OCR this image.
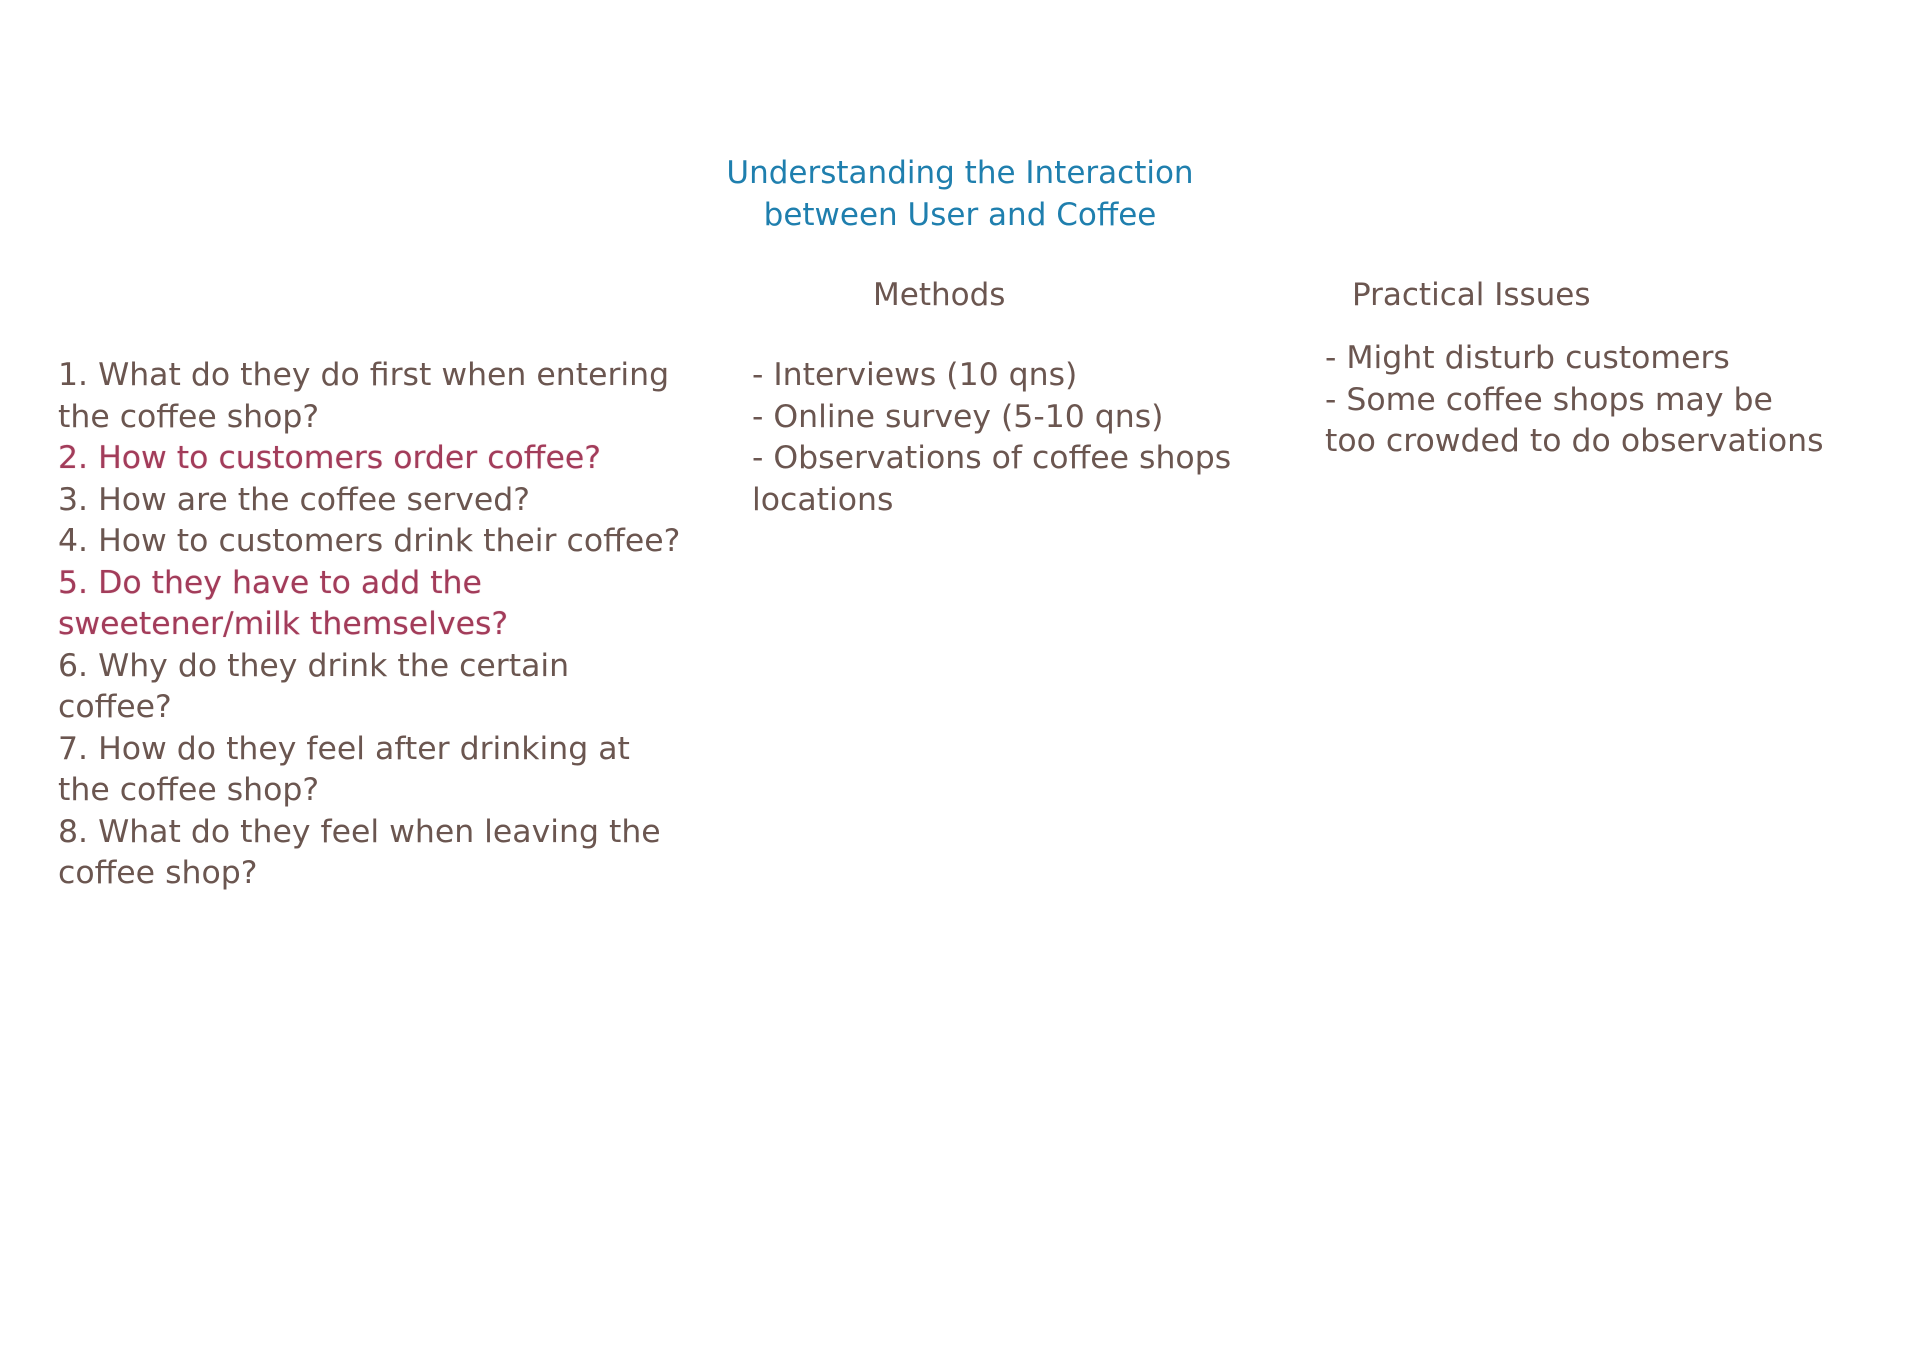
Understanding the Interaction
between User and Coffee
Methods	Practical Issues
1. What do they do first when entering
the coffee shop?
2. How to customers order coffee?
3. How are the coffee served?
4. How to customers drink their coffee?
5. Do they have to add the
sweetener/milk themselves?
6. Why do they drink the certain
coffee?
7. How do they feel after drinking at
the coffee shop?
8. What do they feel when leaving the
coffee shop?
- Interviews (10 qns)
- Online survey (5-10 qns)
- Observations of coffee shops
locations
- Might disturb customers
- Some coffee shops may be
too crowded to do observations
